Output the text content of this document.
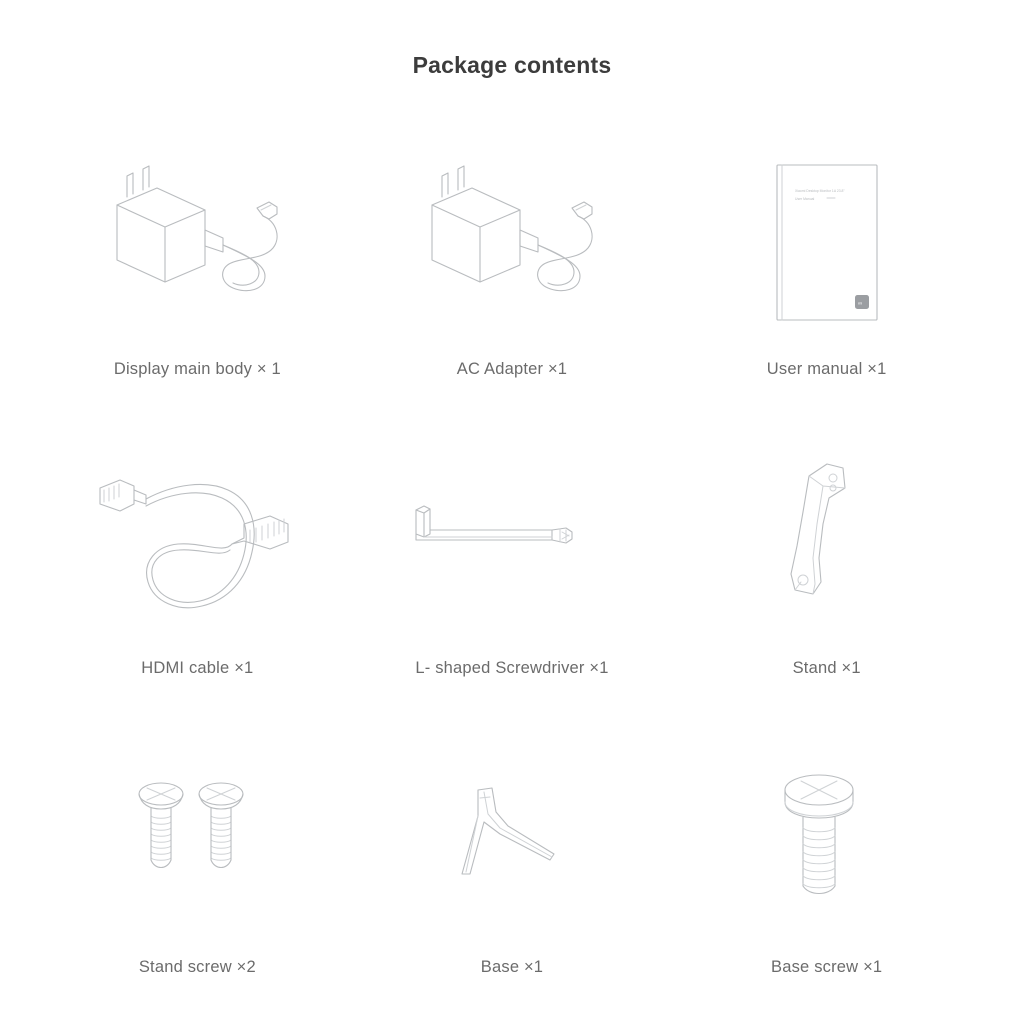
Package contents
Display main body × 1	AC Adapter ×1
Xiaomi Desktop Monitor 1A 23.8"
User Manual
mi
User manual ×1
HDMI cable ×1	L- shaped Screwdriver ×1	Stand ×1
Stand screw ×2	Base ×1	Base screw ×1
